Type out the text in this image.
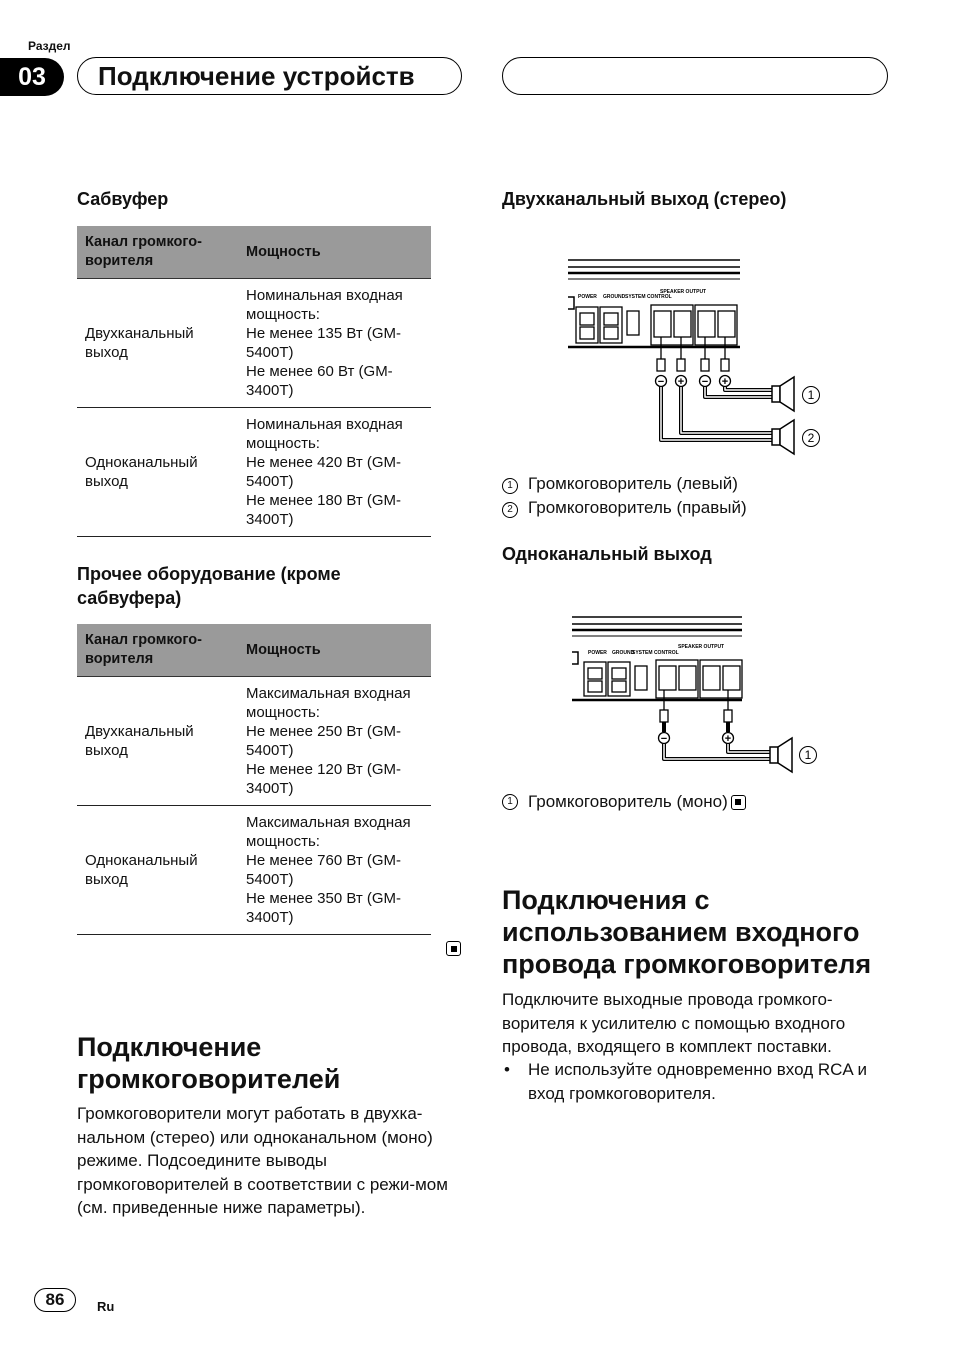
Раздел
03	Подключение устройств
Сабвуфер
Канал громкого-ворителя	Мощность
Двухканальный выход	Номинальная входная мощность:
Не менее 135 Вт (GM-5400T)
Не менее 60 Вт (GM-3400T)

Одноканальный выход	Номинальная входная мощность:
Не менее 420 Вт (GM-5400T)
Не менее 180 Вт (GM-3400T)
Прочее оборудование (кроме сабвуфера)
Канал громкого-ворителя	Мощность
Двухканальный выход	Максимальная входная мощность:
Не менее 250 Вт (GM-5400T)
Не менее 120 Вт (GM-3400T)

Одноканальный выход	Максимальная входная мощность:
Не менее 760 Вт (GM-5400T)
Не менее 350 Вт (GM-3400T)
Подключение громкоговорителей
Громкоговорители могут работать в двухка-нальном (стерео) или одноканальном (моно) режиме. Подсоедините выводы громкоговорителей в соответствии с режи-мом (см. приведенные ниже параметры).
Двухканальный выход (стерео)
POWER GROUND SYSTEM CONTROL
SPEAKER OUTPUT
− + − +
1
2
1 Громкоговоритель (левый)
2 Громкоговоритель (правый)
Одноканальный выход
POWER GROUND
SYSTEM CONTROL
SPEAKER OUTPUT
−	+
1
1 Громкоговоритель (моно)
Подключения с использованием входного провода громкоговорителя
Подключите выходные провода громкого-ворителя к усилителю с помощью входного провода, входящего в комплект поставки.
• Не используйте одновременно вход RCA и вход громкоговорителя.
86	Ru
